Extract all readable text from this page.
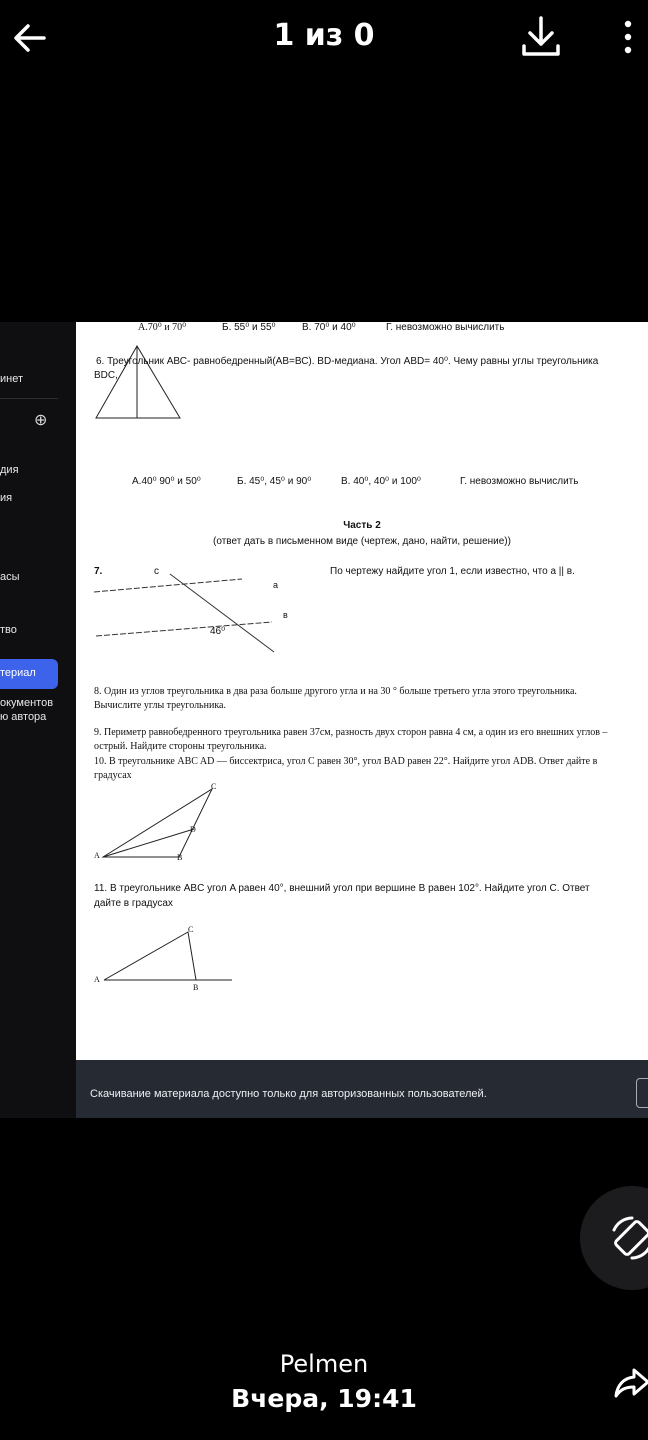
1 из 0
инет
⊕
дия
ия
асы
тво
териал
окументов
ю автора
А.70⁰ и 70⁰	Б. 55⁰ и 55⁰	В. 70⁰ и 40⁰	Г. невозможно вычислить
6. Треугольник АВС- равнобедренный(АВ=ВС). ВD-медиана. Угол АВD= 40⁰. Чему равны углы треугольника
BDC,
А.40⁰ 90⁰ и 50⁰	Б. 45⁰, 45⁰ и 90⁰	В. 40⁰, 40⁰ и 100⁰	Г. невозможно вычислить
Часть 2
(ответ дать в письменном виде (чертеж, дано, найти, решение))
7.	По чертежу найдите угол 1, если известно, что а || в.
с
а
в
46⁰
8. Один из углов треугольника в два раза больше другого угла и на 30 ° больше третьего угла этого треугольника.
Вычислите углы треугольника.
9. Периметр равнобедренного треугольника равен 37см, разность двух сторон равна 4 см, а один из его внешних углов –
острый. Найдите стороны треугольника.
10. В треугольнике ABC AD — биссектриса, угол C равен 30°, угол BAD равен 22°. Найдите угол ADB. Ответ дайте в
градусах
C
D
A	B
11. В треугольнике ABC угол A равен 40°, внешний угол при вершине B равен 102°. Найдите угол C. Ответ
дайте в градусах
C
A
B
Скачивание материала доступно только для авторизованных пользователей.
Pelmen
Вчера, 19:41
